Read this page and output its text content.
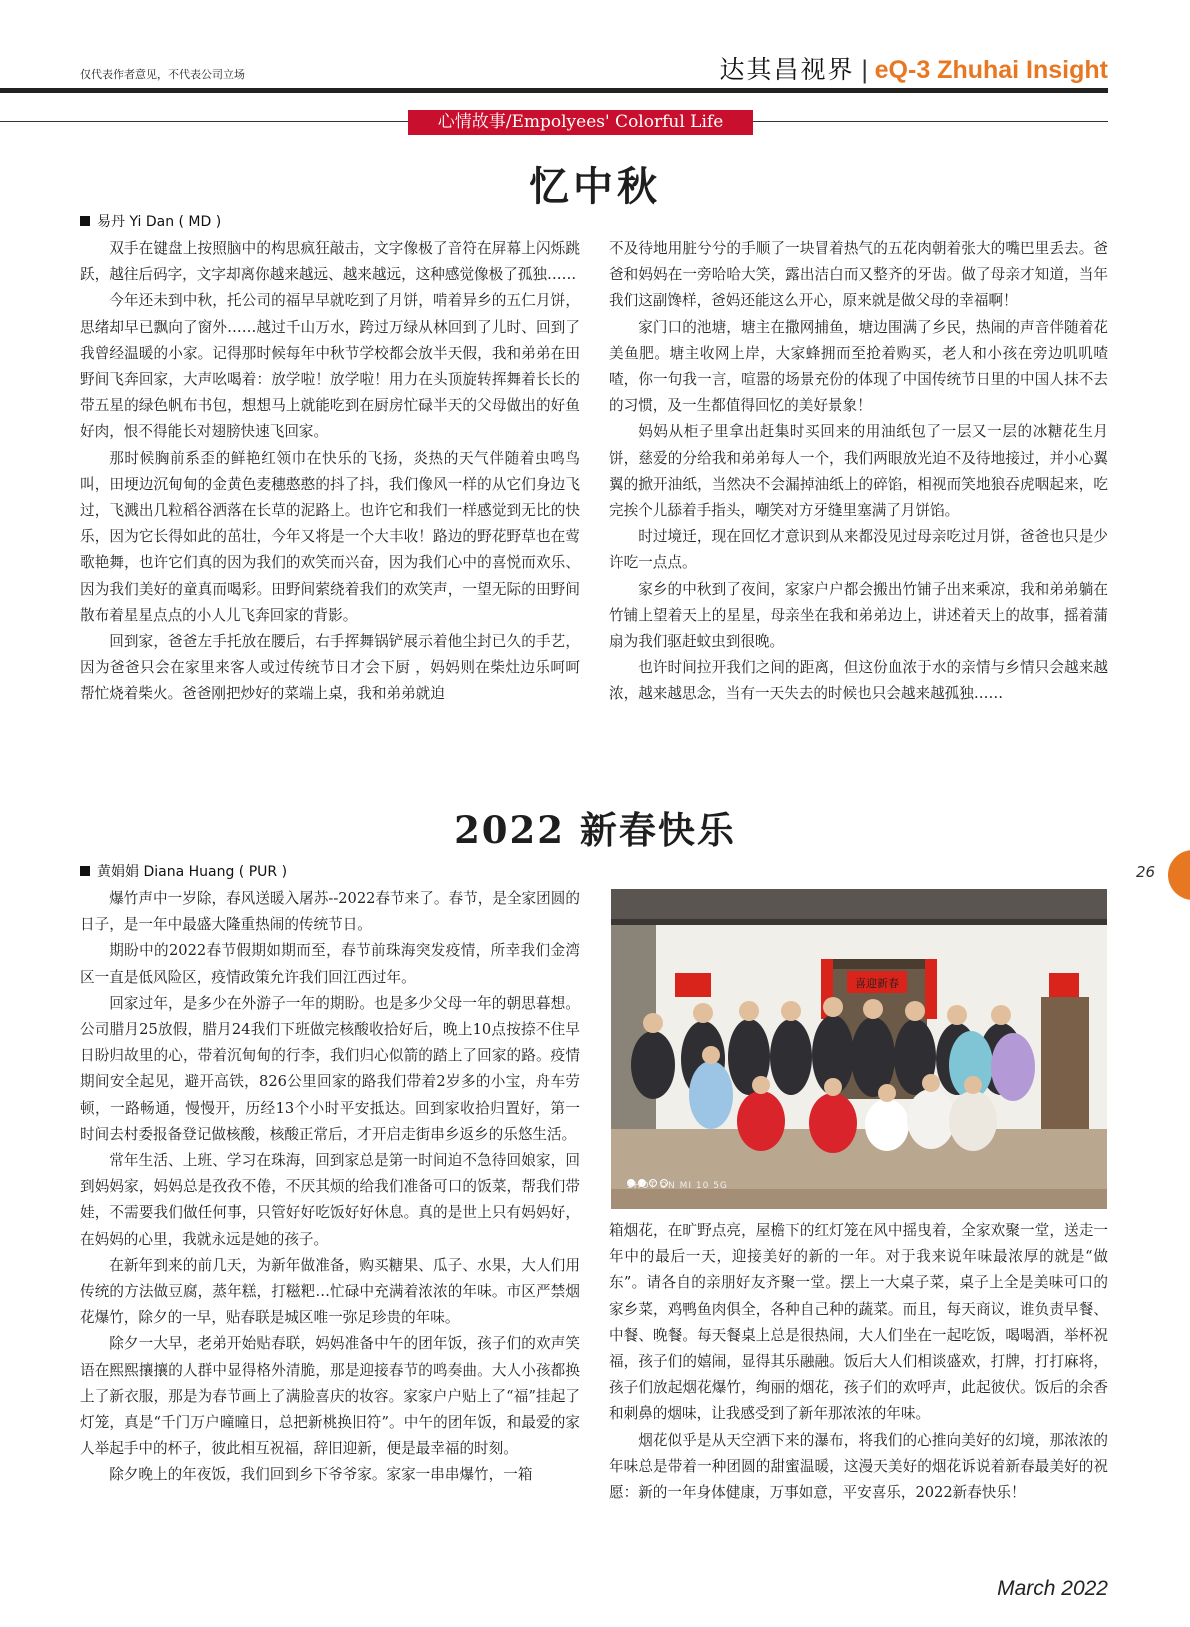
仅代表作者意见，不代表公司立场	达其昌视界 | eQ-3 Zhuhai Insight
心情故事/Empolyees' Colorful Life
忆中秋
易丹 Yi Dan ( MD )

双手在键盘上按照脑中的构思疯狂敲击，文字像极了音符在屏幕上闪烁跳跃，越往后码字，文字却离你越来越远、越来越远，这种感觉像极了孤独……

今年还未到中秋，托公司的福早早就吃到了月饼，啃着异乡的五仁月饼，思绪却早已飘向了窗外……越过千山万水，跨过万绿从林回到了儿时、回到了我曾经温暖的小家。记得那时候每年中秋节学校都会放半天假，我和弟弟在田野间飞奔回家，大声吆喝着：放学啦！放学啦！用力在头顶旋转挥舞着长长的带五星的绿色帆布书包，想想马上就能吃到在厨房忙碌半天的父母做出的好鱼好肉，恨不得能长对翅膀快速飞回家。

那时候胸前系歪的鲜艳红领巾在快乐的飞扬，炎热的天气伴随着虫鸣鸟叫，田埂边沉甸甸的金黄色麦穗憨憨的抖了抖，我们像风一样的从它们身边飞过，飞溅出几粒稻谷洒落在长草的泥路上。也许它和我们一样感觉到无比的快乐，因为它长得如此的茁壮，今年又将是一个大丰收！路边的野花野草也在莺歌艳舞，也许它们真的因为我们的欢笑而兴奋，因为我们心中的喜悦而欢乐、因为我们美好的童真而喝彩。田野间萦绕着我们的欢笑声，一望无际的田野间散布着星星点点的小人儿飞奔回家的背影。

回到家，爸爸左手托放在腰后，右手挥舞锅铲展示着他尘封已久的手艺，因为爸爸只会在家里来客人或过传统节日才会下厨 ，妈妈则在柴灶边乐呵呵帮忙烧着柴火。爸爸刚把炒好的菜端上桌，我和弟弟就迫

不及待地用脏兮兮的手顺了一块冒着热气的五花肉朝着张大的嘴巴里丢去。爸爸和妈妈在一旁哈哈大笑，露出洁白而又整齐的牙齿。做了母亲才知道，当年我们这副馋样，爸妈还能这么开心，原来就是做父母的幸福啊！

家门口的池塘，塘主在撒网捕鱼，塘边围满了乡民，热闹的声音伴随着花美鱼肥。塘主收网上岸，大家蜂拥而至抢着购买，老人和小孩在旁边叽叽喳喳，你一句我一言，喧嚣的场景充份的体现了中国传统节日里的中国人抹不去的习惯，及一生都值得回忆的美好景象！

妈妈从柜子里拿出赶集时买回来的用油纸包了一层又一层的冰糖花生月饼，慈爱的分给我和弟弟每人一个，我们两眼放光迫不及待地接过，并小心翼翼的掀开油纸，当然决不会漏掉油纸上的碎馅，相视而笑地狼吞虎咽起来，吃完挨个儿舔着手指头，嘲笑对方牙缝里塞满了月饼馅。

时过境迁，现在回忆才意识到从来都没见过母亲吃过月饼，爸爸也只是少许吃一点点。

家乡的中秋到了夜间，家家户户都会搬出竹铺子出来乘凉，我和弟弟躺在竹铺上望着天上的星星，母亲坐在我和弟弟边上，讲述着天上的故事，摇着蒲扇为我们驱赶蚊虫到很晚。

也许时间拉开我们之间的距离，但这份血浓于水的亲情与乡情只会越来越浓，越来越思念，当有一天失去的时候也只会越来越孤独……

2022 新春快乐
黄娟娟 Diana Huang ( PUR )

爆竹声中一岁除，春风送暖入屠苏--2022春节来了。春节，是全家团圆的日子，是一年中最盛大隆重热闹的传统节日。

期盼中的2022春节假期如期而至，春节前珠海突发疫情，所幸我们金湾区一直是低风险区，疫情政策允许我们回江西过年。

回家过年，是多少在外游子一年的期盼。也是多少父母一年的朝思暮想。公司腊月25放假，腊月24我们下班做完核酸收拾好后，晚上10点按捺不住早日盼归故里的心，带着沉甸甸的行李，我们归心似箭的踏上了回家的路。疫情期间安全起见，避开高铁，826公里回家的路我们带着2岁多的小宝，舟车劳顿，一路畅通，慢慢开，历经13个小时平安抵达。回到家收拾归置好，第一时间去村委报备登记做核酸，核酸正常后，才开启走街串乡返乡的乐悠生活。

常年生活、上班、学习在珠海，回到家总是第一时间迫不急待回娘家，回到妈妈家，妈妈总是孜孜不倦，不厌其烦的给我们准备可口的饭菜，帮我们带娃，不需要我们做任何事，只管好好吃饭好好休息。真的是世上只有妈妈好，在妈妈的心里，我就永远是她的孩子。

在新年到来的前几天，为新年做准备，购买糖果、瓜子、水果，大人们用传统的方法做豆腐，蒸年糕，打糍粑…忙碌中充满着浓浓的年味。市区严禁烟花爆竹，除夕的一早，贴春联是城区唯一弥足珍贵的年味。

除夕一大早，老弟开始贴春联，妈妈准备中午的团年饭，孩子们的欢声笑语在熙熙攘攘的人群中显得格外清脆，那是迎接春节的鸣奏曲。大人小孩都换上了新衣服，那是为春节画上了满脸喜庆的妆容。家家户户贴上了“福”挂起了灯笼，真是“千门万户曈曈日，总把新桃换旧符”。中午的团年饭，和最爱的家人举起手中的杯子，彼此相互祝福，辞旧迎新，便是最幸福的时刻。

除夕晚上的年夜饭，我们回到乡下爷爷家。家家一串串爆竹，一箱

喜迎新春
SHOT ON MI 10 5G

箱烟花，在旷野点亮，屋檐下的红灯笼在风中摇曳着，全家欢聚一堂，送走一年中的最后一天，迎接美好的新的一年。对于我来说年味最浓厚的就是“做东”。请各自的亲朋好友齐聚一堂。摆上一大桌子菜，桌子上全是美味可口的家乡菜，鸡鸭鱼肉俱全，各种自己种的蔬菜。而且，每天商议，谁负责早餐、中餐、晚餐。每天餐桌上总是很热闹，大人们坐在一起吃饭，喝喝酒，举杯祝福，孩子们的嬉闹，显得其乐融融。饭后大人们相谈盛欢，打牌，打打麻将，孩子们放起烟花爆竹，绚丽的烟花，孩子们的欢呼声，此起彼伏。饭后的余香和刺鼻的烟味，让我感受到了新年那浓浓的年味。

烟花似乎是从天空洒下来的瀑布，将我们的心推向美好的幻境，那浓浓的年味总是带着一种团圆的甜蜜温暖，这漫天美好的烟花诉说着新春最美好的祝愿：新的一年身体健康，万事如意，平安喜乐，2022新春快乐！

26
March 2022
